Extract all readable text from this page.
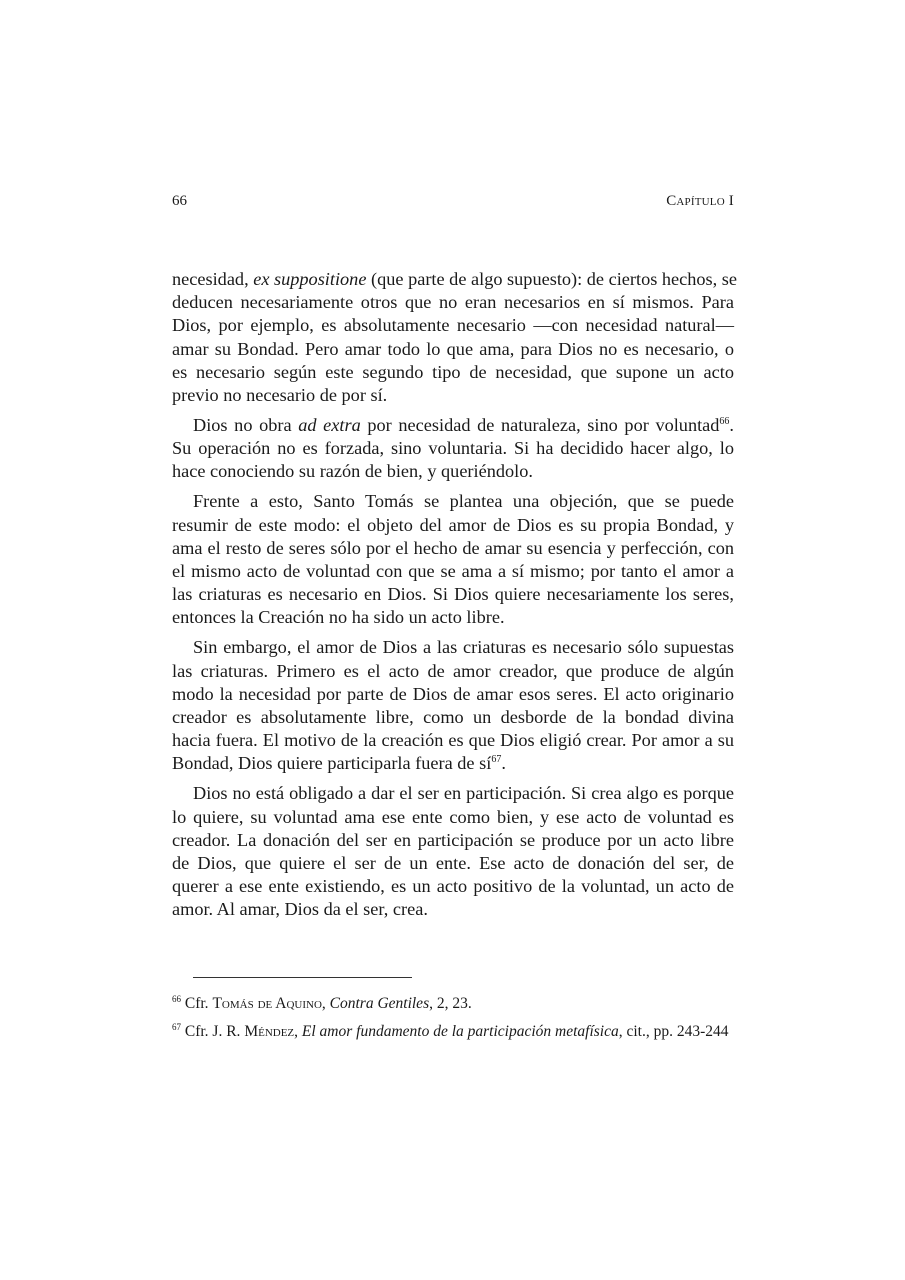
66	Capítulo I
necesidad, ex suppositione (que parte de algo supuesto): de ciertos hechos, se
deducen necesariamente otros que no eran necesarios en sí mismos. Para
Dios, por ejemplo, es absolutamente necesario —con necesidad natural—
amar su Bondad. Pero amar todo lo que ama, para Dios no es necesario, o
es necesario según este segundo tipo de necesidad, que supone un acto
previo no necesario de por sí.
Dios no obra ad extra por necesidad de naturaleza, sino por voluntad$^{66}$.
Su operación no es forzada, sino voluntaria. Si ha decidido hacer algo, lo
hace conociendo su razón de bien, y queriéndolo.
Frente a esto, Santo Tomás se plantea una objeción, que se puede
resumir de este modo: el objeto del amor de Dios es su propia Bondad, y
ama el resto de seres sólo por el hecho de amar su esencia y perfección, con
el mismo acto de voluntad con que se ama a sí mismo; por tanto el amor a
las criaturas es necesario en Dios. Si Dios quiere necesariamente los seres,
entonces la Creación no ha sido un acto libre.
Sin embargo, el amor de Dios a las criaturas es necesario sólo supuestas
las criaturas. Primero es el acto de amor creador, que produce de algún
modo la necesidad por parte de Dios de amar esos seres. El acto originario
creador es absolutamente libre, como un desborde de la bondad divina
hacia fuera. El motivo de la creación es que Dios eligió crear. Por amor a su
Bondad, Dios quiere participarla fuera de $sí^{67}$.
Dios no está obligado a dar el ser en participación. Si crea algo es porque
lo quiere, su voluntad ama ese ente como bien, y ese acto de voluntad es
creador. La donación del ser en participación se produce por un acto libre
de Dios, que quiere el ser de un ente. Ese acto de donación del ser, de
querer a ese ente existiendo, es un acto positivo de la voluntad, un acto de
amor. Al amar, Dios da el ser, crea.
$^{66}$ Cfr. Tomás de Aquino, Contra Gentiles, 2, 23.
$^{67}$ Cfr. J. R. Méndez, El amor fundamento de la participación metafísica, cit., pp. 243-244
